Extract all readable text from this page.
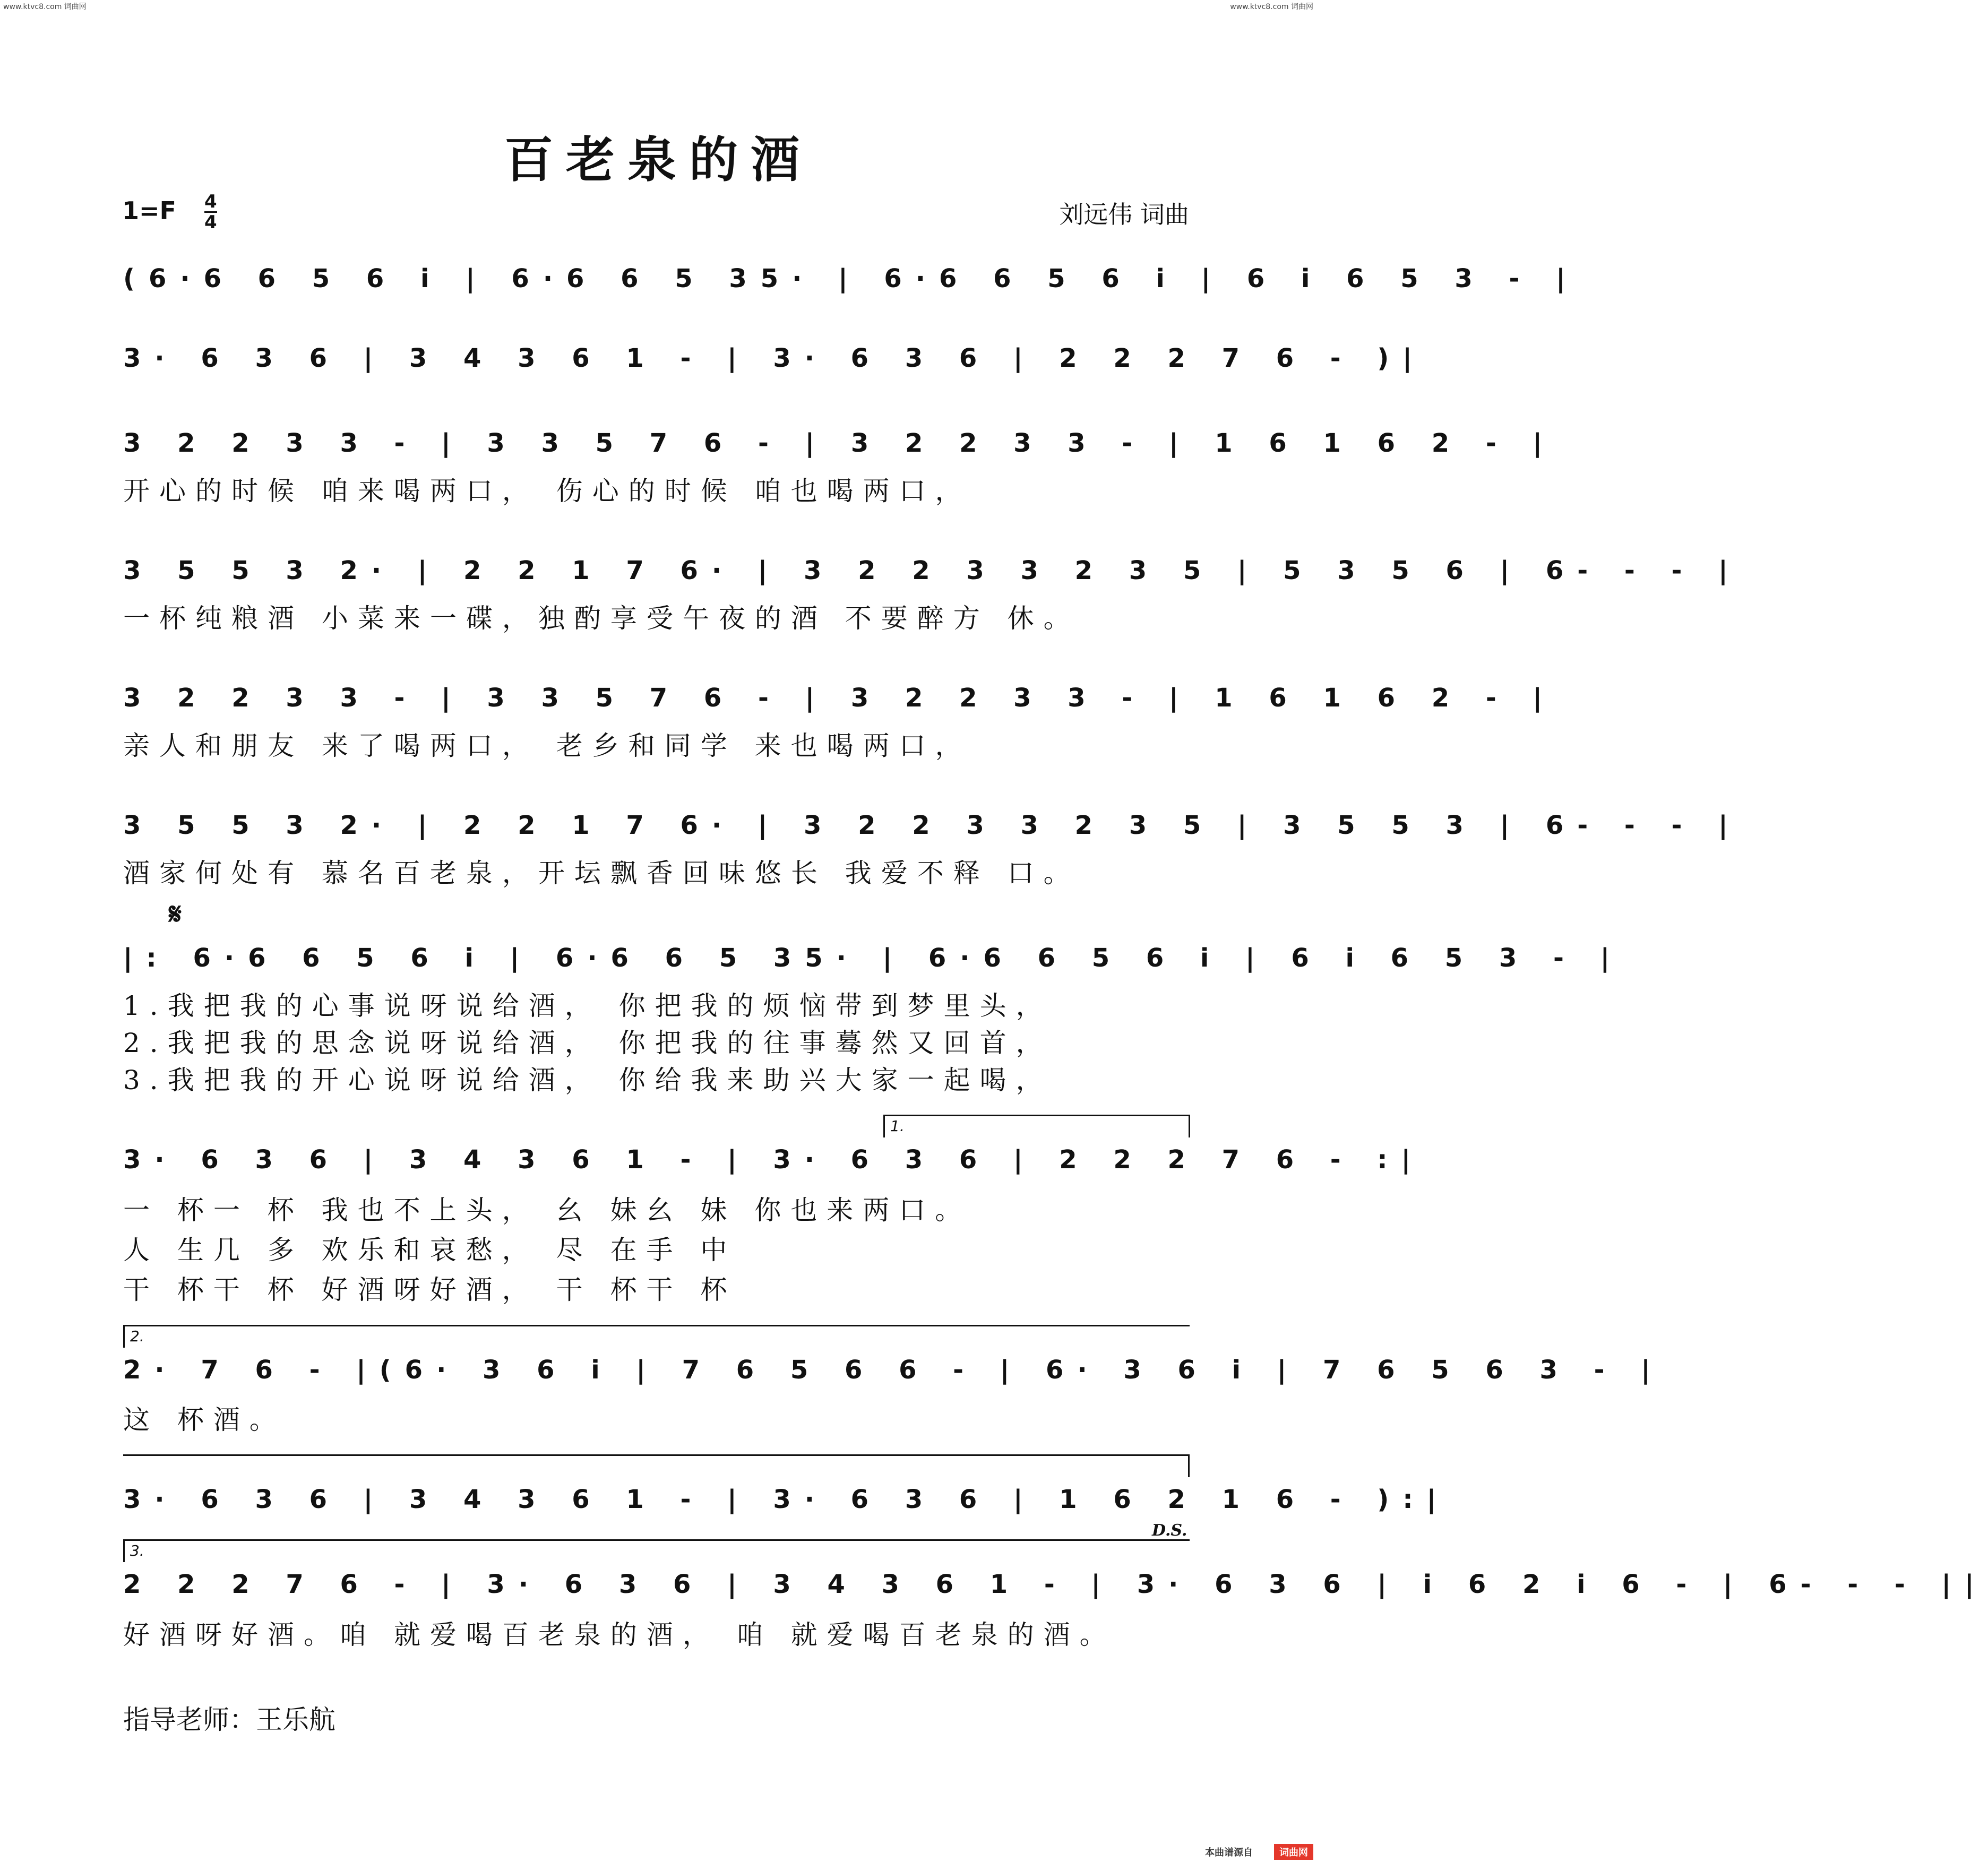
www.ktvc8.com 词曲网	www.ktvc8.com 词曲网
百老泉的酒
1=F 4
4	刘远伟 词曲
(6·6 6 5 6 i | 6·6 6 5 35· | 6·6 6 5 6 i | 6 i 6 5 3 - |
3· 6 3 6 | 3 4 3 6 1 - | 3· 6 3 6 | 2 2 2 7 6 - )|
3 2 2 3 3 - | 3 3 5 7 6 - | 3 2 2 3 3 - | 1 6 1 6 2 - |
开心的时候 咱来喝两口， 伤心的时候 咱也喝两口，
3 5 5 3 2· | 2 2 1 7 6· | 3 2 2 3 3 2 3 5 | 5 3 5 6 | 6- - - |
一杯纯粮酒 小菜来一碟，独酌享受午夜的酒 不要醉方 休。
3 2 2 3 3 - | 3 3 5 7 6 - | 3 2 2 3 3 - | 1 6 1 6 2 - |
亲人和朋友 来了喝两口， 老乡和同学 来也喝两口，
3 5 5 3 2· | 2 2 1 7 6· | 3 2 2 3 3 2 3 5 | 3 5 5 3 | 6- - - |
酒家何处有 慕名百老泉，开坛飘香回味悠长 我爱不释 口。
𝄋
|: 6·6 6 5 6 i | 6·6 6 5 35· | 6·6 6 5 6 i | 6 i 6 5 3 - |
1.我把我的心事说呀说给酒， 你把我的烦恼带到梦里头，
2.我把我的思念说呀说给酒， 你把我的往事蓦然又回首，
3.我把我的开心说呀说给酒， 你给我来助兴大家一起喝，
1.
3· 6 3 6 | 3 4 3 6 1 - | 3· 6 3 6 | 2 2 2 7 6 - :|
一 杯一 杯 我也不上头， 幺 妹幺 妹 你也来两口。
人 生几 多 欢乐和哀愁， 尽 在手 中
干 杯干 杯 好酒呀好酒， 干 杯干 杯
2.
2· 7 6 - |(6· 3 6 i | 7 6 5 6 6 - | 6· 3 6 i | 7 6 5 6 3 - |
这 杯酒。
3· 6 3 6 | 3 4 3 6 1 - | 3· 6 3 6 | 1 6 2 1 6 - ):|
D.S.
3.
2 2 2 7 6 - | 3· 6 3 6 | 3 4 3 6 1 - | 3· 6 3 6 | i 6 2 i 6 - | 6- - - ||
好酒呀好酒。咱 就爱喝百老泉的酒， 咱 就爱喝百老泉的酒。
指导老师：王乐航
本曲谱源自	词曲网
